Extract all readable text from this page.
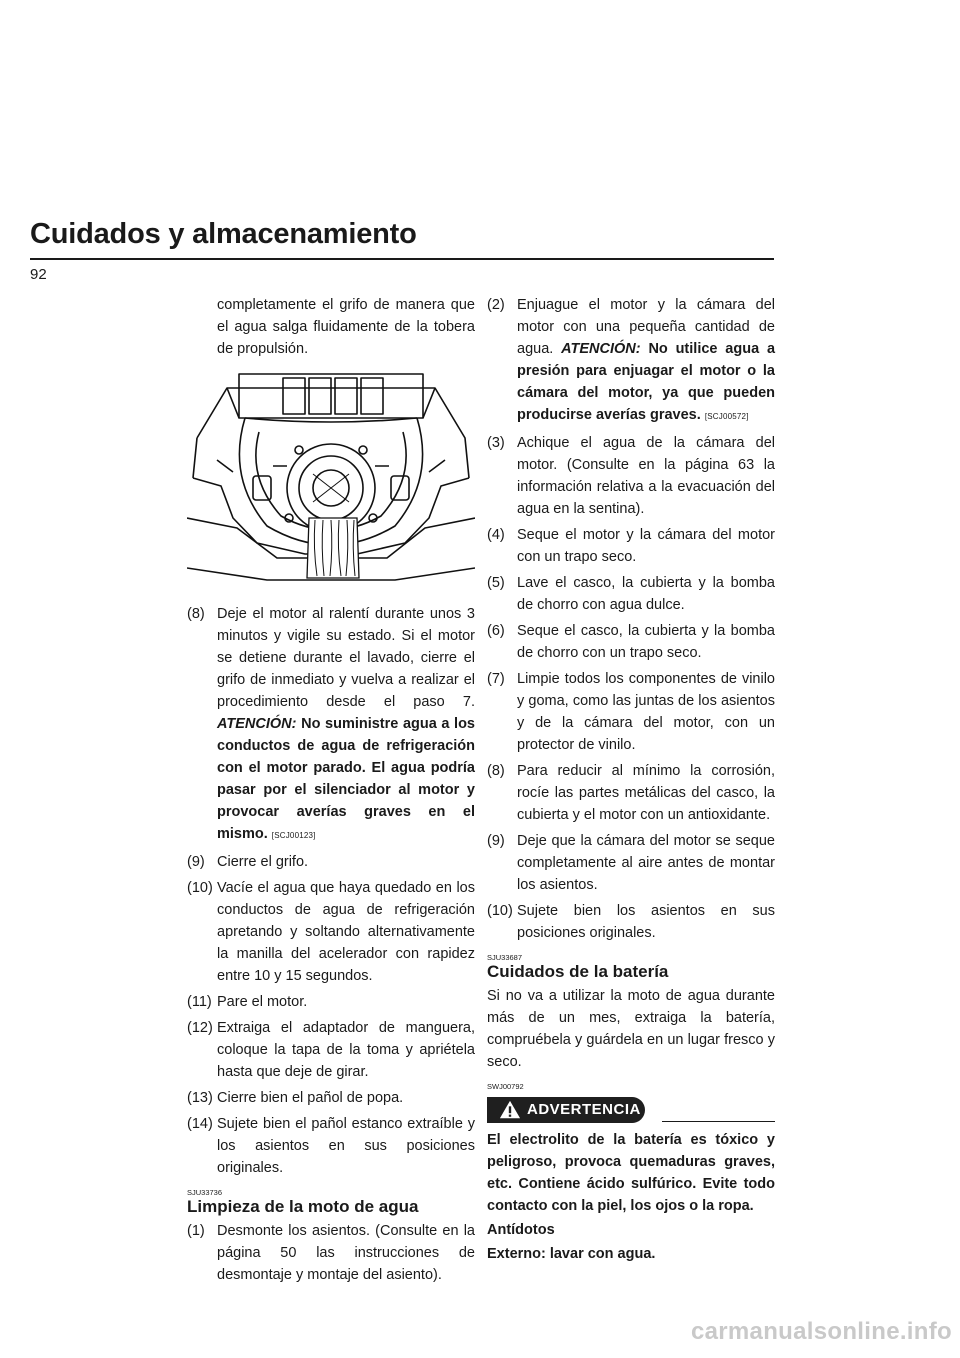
Cuidados y almacenamiento
92

completamente el grifo de manera que el agua salga fluidamente de la tobera de propulsión.

(8) Deje el motor al ralentí durante unos 3 minutos y vigile su estado. Si el motor se detiene durante el lavado, cierre el grifo de inmediato y vuelva a realizar el procedimiento desde el paso 7. ATENCIÓN: No suministre agua a los conductos de agua de refrigeración con el motor parado. El agua podría pasar por el silenciador al motor y provocar averías graves en el mismo. [SCJ00123]
(9) Cierre el grifo.
(10) Vacíe el agua que haya quedado en los conductos de agua de refrigeración apretando y soltando alternativamente la manilla del acelerador con rapidez entre 10 y 15 segundos.
(11) Pare el motor.
(12) Extraiga el adaptador de manguera, coloque la tapa de la toma y apriétela hasta que deje de girar.
(13) Cierre bien el pañol de popa.
(14) Sujete bien el pañol estanco extraíble y los asientos en sus posiciones originales.

SJU33736

Limpieza de la moto de agua
(1) Desmonte los asientos. (Consulte en la página 50 las instrucciones de desmontaje y montaje del asiento).
(2) Enjuague el motor y la cámara del motor con una pequeña cantidad de agua. ATENCIÓN: No utilice agua a presión para enjuagar el motor o la cámara del motor, ya que pueden producirse averías graves. [SCJ00572]
(3) Achique el agua de la cámara del motor. (Consulte en la página 63 la información relativa a la evacuación del agua en la sentina).
(4) Seque el motor y la cámara del motor con un trapo seco.
(5) Lave el casco, la cubierta y la bomba de chorro con agua dulce.
(6) Seque el casco, la cubierta y la bomba de chorro con un trapo seco.
(7) Limpie todos los componentes de vinilo y goma, como las juntas de los asientos y de la cámara del motor, con un protector de vinilo.
(8) Para reducir al mínimo la corrosión, rocíe las partes metálicas del casco, la cubierta y el motor con un antioxidante.
(9) Deje que la cámara del motor se seque completamente al aire antes de montar los asientos.
(10) Sujete bien los asientos en sus posiciones originales.

SJU33687

Cuidados de la batería

Si no va a utilizar la moto de agua durante más de un mes, extraiga la batería, compruébela y guárdela en un lugar fresco y seco.

SWJ00792

ADVERTENCIA

El electrolito de la batería es tóxico y peligroso, provoca quemaduras graves, etc. Contiene ácido sulfúrico. Evite todo contacto con la piel, los ojos o la ropa.

Antídotos

Externo: lavar con agua.

carmanualsonline.info
